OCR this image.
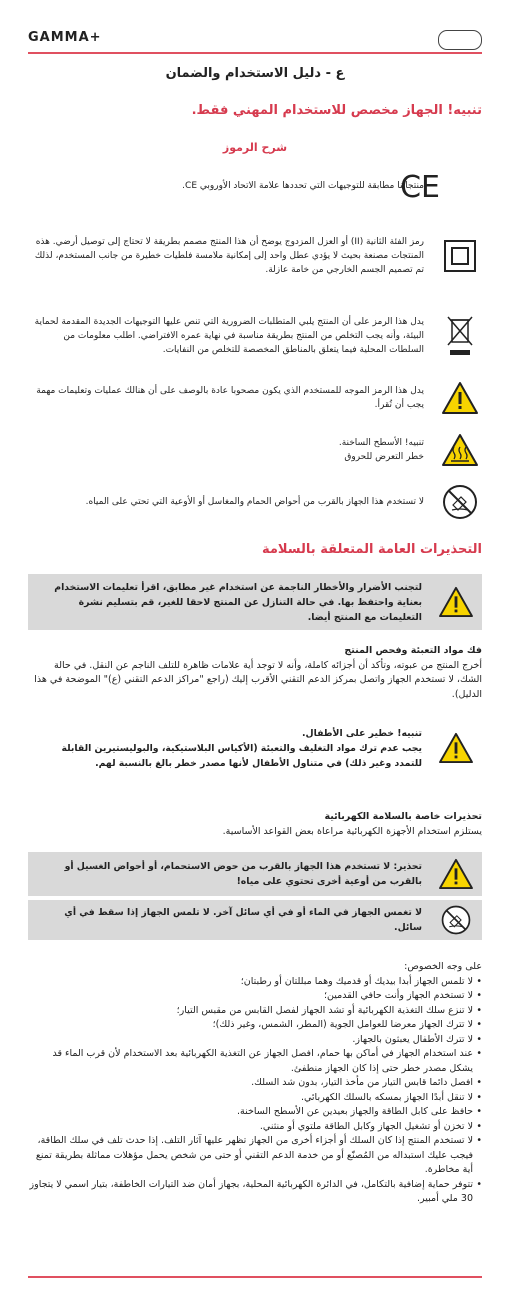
GAMMA+
ع - دليل الاستخدام والضمان
تنبيه! الجهاز مخصص للاستخدام المهني فقط.
شرح الرموز
CE
منتجاتنا مطابقة للتوجيهات التي تحددها علامة الاتحاد الأوروبي CE.
رمز الفئة الثانية (II) أو العزل المزدوج يوضح أن هذا المنتج مصمم بطريقة لا تحتاج إلى توصيل أرضي. هذه المنتجات مصنعة بحيث لا يؤدي عطل واحد إلى إمكانية ملامسة فلطيات خطيرة من جانب المستخدم، لذلك تم تصميم الجسم الخارجي من خامة عازلة.
يدل هذا الرمز على أن المنتج يلبي المتطلبات الضرورية التي تنص عليها التوجيهات الجديدة المقدمة لحماية البيئة، وأنه يجب التخلص من المنتج بطريقة مناسبة في نهاية عمره الافتراضي. اطلب معلومات من السلطات المحلية فيما يتعلق بالمناطق المخصصة للتخلص من النفايات.
يدل هذا الرمز الموجه للمستخدم الذي يكون مصحوبا عادة بالوصف على أن هنالك عمليات وتعليمات مهمة يجب أن تُقرأ.
تنبيه! الأسطح الساخنة.
خطر التعرض للحروق
لا تستخدم هذا الجهاز بالقرب من أحواض الحمام والمغاسل أو الأوعية التي تحتي على المياه.
التحذيرات العامة المتعلقة بالسلامة
لتجنب الأضرار والأخطار الناجمة عن استخدام غير مطابق، اقرأ تعليمات الاستخدام بعناية واحتفظ بها. في حالة التنازل عن المنتج لاحقا للغير، قم بتسليم نشرة التعليمات مع المنتج أيضا.
فك مواد التعبئة وفحص المنتج
أخرج المنتج من عبوته، وتأكد أن أجزائه كاملة، وأنه لا توجد أية علامات ظاهرة للتلف الناجم عن النقل. في حالة الشك، لا تستخدم الجهاز واتصل بمركز الدعم التقني الأقرب إليك (راجع "مراكز الدعم التقني (ع)" الموضحة في هذا الدليل).
تنبيه! خطير على الأطفال.
يجب عدم ترك مواد التغليف والتعبئة (الأكياس البلاستيكية، والبوليستيرين القابلة للتمدد وغير ذلك) في متناول الأطفال لأنها مصدر خطر بالغ بالنسبة لهم.
تحذيرات خاصة بالسلامة الكهربائية
يستلزم استخدام الأجهزة الكهربائية مراعاة بعض القواعد الأساسية.
تحذير: لا تستخدم هذا الجهاز بالقرب من حوض الاستحمام، أو أحواض الغسيل أو بالقرب من أوعية أخرى تحتوي على مياه!
لا تغمس الجهاز في الماء أو في أي سائل آخر. لا تلمس الجهاز إذا سقط في أي سائل.
على وجه الخصوص:
• لا تلمس الجهاز أبدا بيديك أو قدميك وهما مبللتان أو رطبتان؛
• لا تستخدم الجهاز وأنت حافي القدمين؛
• لا تنزع سلك التغذية الكهربائية أو تشد الجهاز لفصل القابس من مقبس التيار؛
• لا تترك الجهاز معرضا للعوامل الجوية (المطر، الشمس، وغير ذلك)؛
• لا تترك الأطفال يعبثون بالجهاز.
• عند استخدام الجهاز في أماكن بها حمام، افصل الجهاز عن التغذية الكهربائية بعد الاستخدام لأن قرب الماء قد يشكل مصدر خطر حتى إذا كان الجهاز منطفئ.
• افصل دائما قابس التيار من مأخذ التيار، بدون شد السلك.
• لا تنقل أبدًا الجهاز بمسكه بالسلك الكهربائي.
• حافظ على كابل الطاقة والجهاز بعيدين عن الأسطح الساخنة.
• لا تخزن أو تشغيل الجهاز وكابل الطاقة ملتوي أو منثني.
• لا تستخدم المنتج إذا كان السلك أو أجزاء أخرى من الجهاز تظهر عليها آثار التلف. إذا حدث تلف في سلك الطاقة، فيجب عليك استبداله من المُصنّع أو من خدمة الدعم التقني أو حتى من شخص يحمل مؤهلات مماثلة بطريقة تمنع أية مخاطرة.
• تتوفر حماية إضافية بالتكامل، في الدائرة الكهربائية المحلية، بجهاز أمان ضد التيارات الخاطفة، بتيار اسمي لا يتجاوز 30 ملي أمبير.
